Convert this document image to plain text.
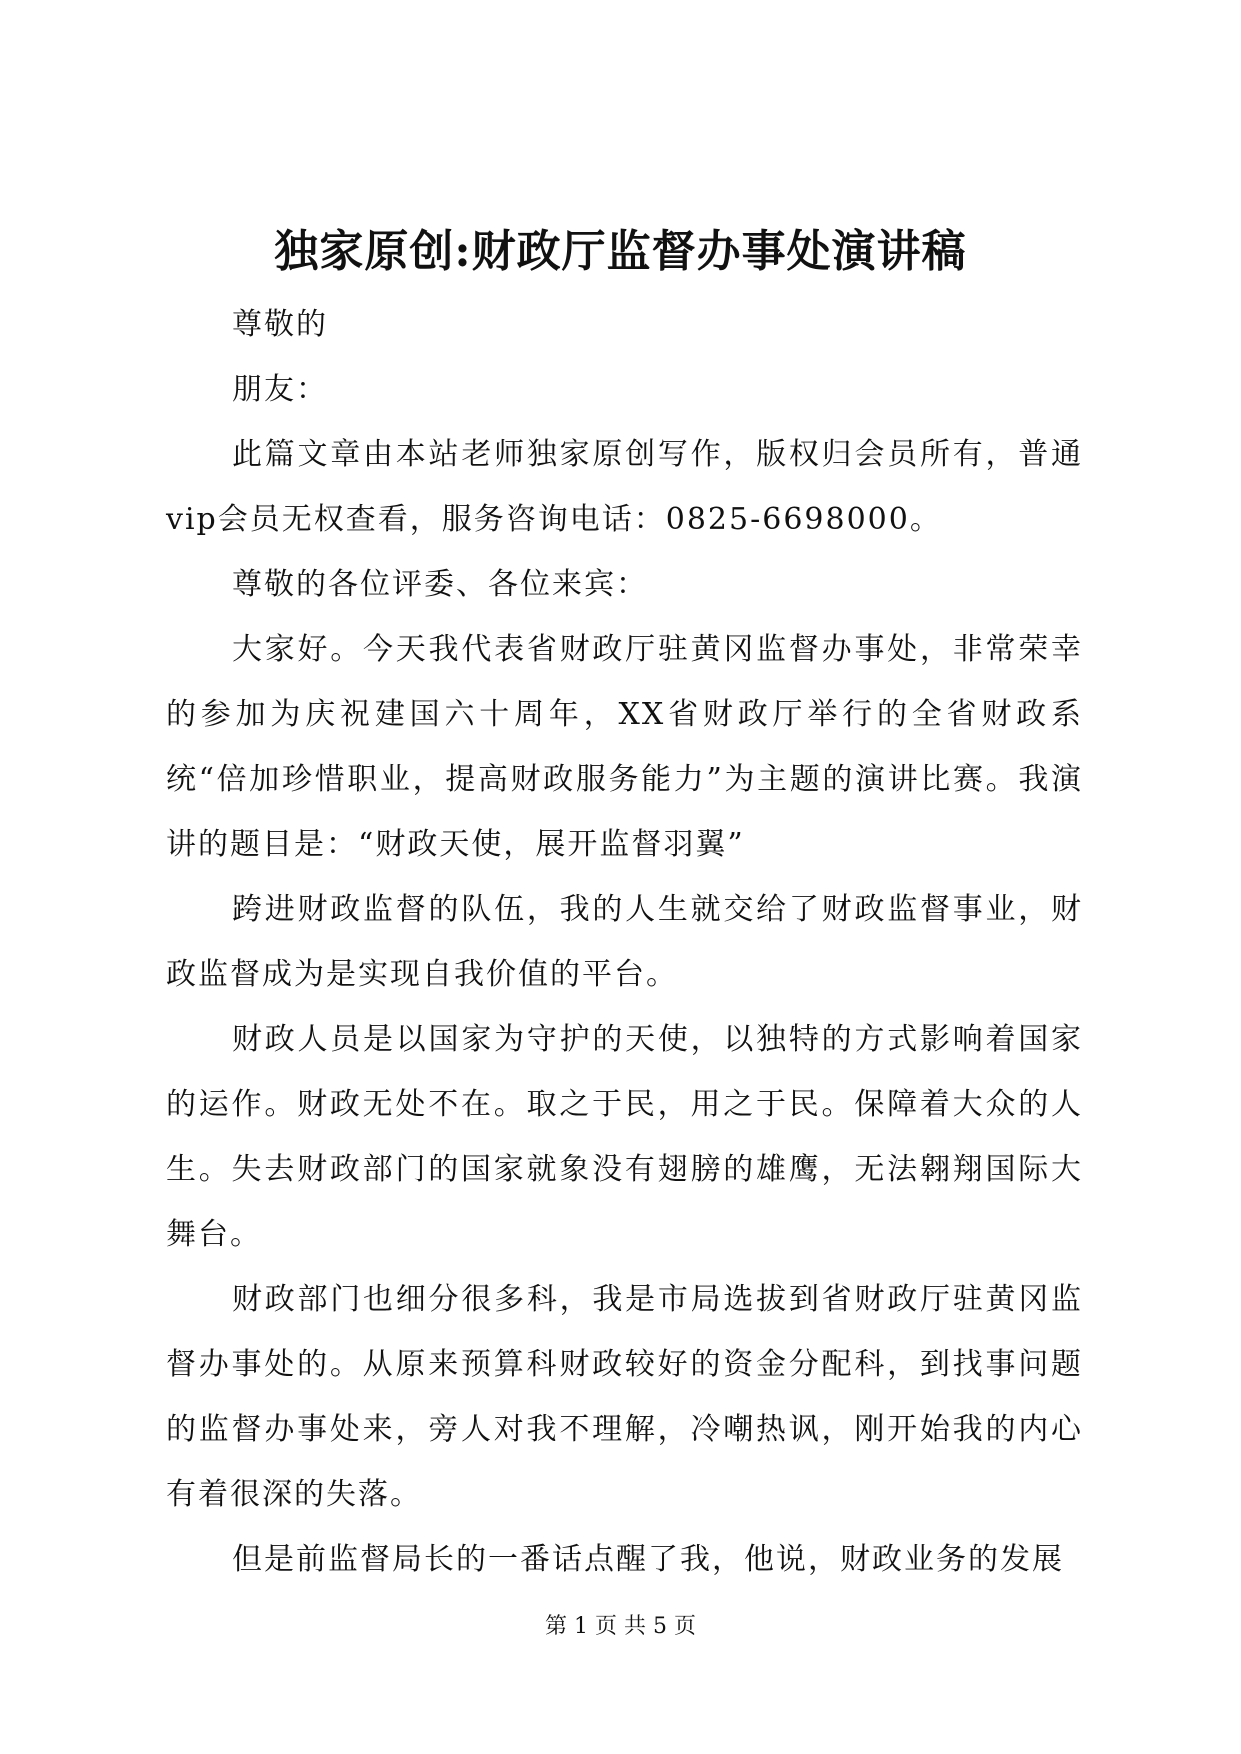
独家原创:财政厅监督办事处演讲稿

尊敬的

朋友：

此篇文章由本站老师独家原创写作，版权归会员所有，普通vip会员无权查看，服务咨询电话：0825-6698000。

尊敬的各位评委、各位来宾：

大家好。今天我代表省财政厅驻黄冈监督办事处，非常荣幸的参加为庆祝建国六十周年，XX省财政厅举行的全省财政系统“倍加珍惜职业，提高财政服务能力”为主题的演讲比赛。我演讲的题目是：“财政天使，展开监督羽翼”

跨进财政监督的队伍，我的人生就交给了财政监督事业，财政监督成为是实现自我价值的平台。

财政人员是以国家为守护的天使，以独特的方式影响着国家的运作。财政无处不在。取之于民，用之于民。保障着大众的人生。失去财政部门的国家就象没有翅膀的雄鹰，无法翱翔国际大舞台。

财政部门也细分很多科，我是市局选拔到省财政厅驻黄冈监督办事处的。从原来预算科财政较好的资金分配科，到找事问题的监督办事处来，旁人对我不理解，冷嘲热讽，刚开始我的内心有着很深的失落。

但是前监督局长的一番话点醒了我，他说，财政业务的发展

第 1 页 共 5 页
